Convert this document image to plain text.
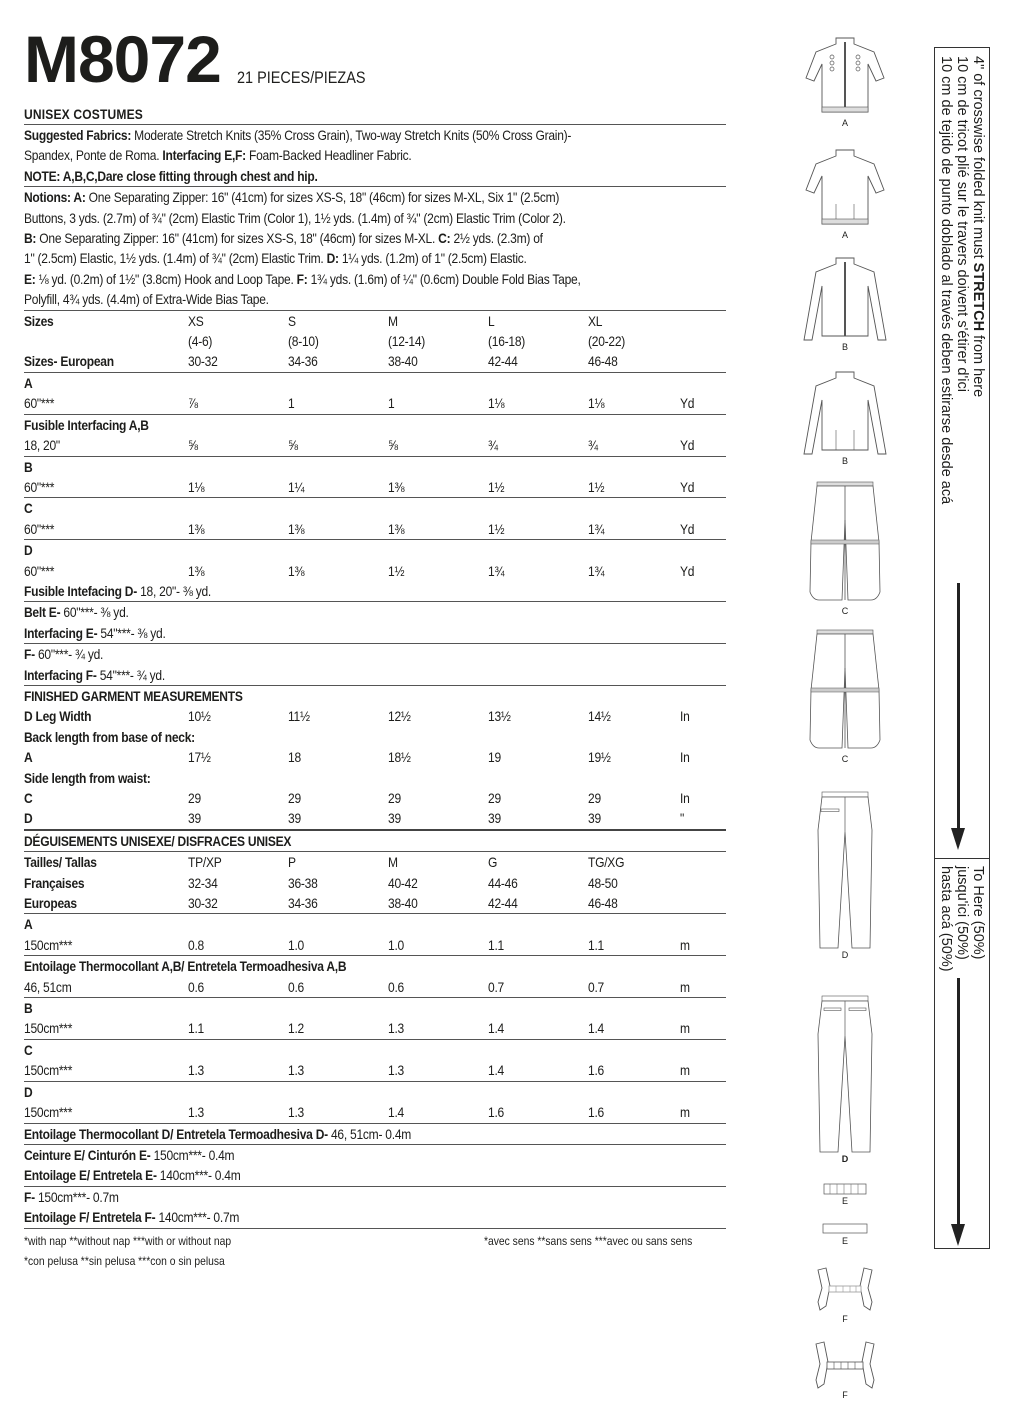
M8072 21 PIECES/PIEZAS
UNISEX COSTUMES
Suggested Fabrics: Moderate Stretch Knits (35% Cross Grain), Two-way Stretch Knits (50% Cross Grain)-
Spandex, Ponte de Roma. Interfacing E,F: Foam-Backed Headliner Fabric.
NOTE: A,B,C,Dare close fitting through chest and hip.
Notions: A: One Separating Zipper: 16" (41cm) for sizes XS-S, 18" (46cm) for sizes M-XL, Six 1" (2.5cm)
Buttons, 3 yds. (2.7m) of ¾" (2cm) Elastic Trim (Color 1), 1½ yds. (1.4m) of ¾" (2cm) Elastic Trim (Color 2).
B: One Separating Zipper: 16" (41cm) for sizes XS-S, 18" (46cm) for sizes M-XL. C: 2½ yds. (2.3m) of
1" (2.5cm) Elastic, 1½ yds. (1.4m) of ¾" (2cm) Elastic Trim. D: 1¼ yds. (1.2m) of 1" (2.5cm) Elastic.
E: ⅛ yd. (0.2m) of 1½" (3.8cm) Hook and Loop Tape. F: 1¾ yds. (1.6m) of ¼" (0.6cm) Double Fold Bias Tape,
Polyfill, 4¾ yds. (4.4m) of Extra-Wide Bias Tape.
Sizes	XS	S	M	L	XL
(4-6)	(8-10)	(12-14)	(16-18)	(20-22)
Sizes- European	30-32	34-36	38-40	42-44	46-48
A
60"***	⅞	1	1	1⅛	1⅛	Yd
Fusible Interfacing A,B
18, 20"	⅝	⅝	⅝	¾	¾	Yd
B
60"***	1⅛	1¼	1⅜	1½	1½	Yd
C
60"***	1⅜	1⅜	1⅜	1½	1¾	Yd
D
60"***	1⅜	1⅜	1½	1¾	1¾	Yd
Fusible Intefacing D- 18, 20"- ⅜ yd.
Belt E- 60"***- ⅜ yd.
Interfacing E- 54"***- ⅜ yd.
F- 60"***- ¾ yd.
Interfacing F- 54"***- ¾ yd.
FINISHED GARMENT MEASUREMENTS
D Leg Width	10½	11½	12½	13½	14½	In
Back length from base of neck:
A	17½	18	18½	19	19½	In
Side length from waist:
C	29	29	29	29	29	In
D	39	39	39	39	39	"
DÉGUISEMENTS UNISEXE/ DISFRACES UNISEX
Tailles/ Tallas	TP/XP	P	M	G	TG/XG
Françaises	32-34	36-38	40-42	44-46	48-50
Europeas	30-32	34-36	38-40	42-44	46-48
A
150cm***	0.8	1.0	1.0	1.1	1.1	m
Entoilage Thermocollant A,B/ Entretela Termoadhesiva A,B
46, 51cm	0.6	0.6	0.6	0.7	0.7	m
B
150cm***	1.1	1.2	1.3	1.4	1.4	m
C
150cm***	1.3	1.3	1.3	1.4	1.6	m
D
150cm***	1.3	1.3	1.4	1.6	1.6	m
Entoilage Thermocollant D/ Entretela Termoadhesiva D- 46, 51cm- 0.4m
Ceinture E/ Cinturón E- 150cm***- 0.4m
Entoilage E/ Entretela E- 140cm***- 0.4m
F- 150cm***- 0.7m
Entoilage F/ Entretela F- 140cm***- 0.7m
*with nap **without nap ***with or without nap
*con pelusa **sin pelusa ***con o sin pelusa
*avec sens **sans sens ***avec ou sans sens
A
A
B
B
C
C
D
D
E
E
F
F
4" of crosswise folded knit must STRETCH from here
10 cm de tricot plié sur le travers doivent s'étirer d'ici
10 cm de tejido de punto doblado al través deben estirarse desde acá
To Here (50%)
jusqu'ici (50%)
hasta acá (50%)
